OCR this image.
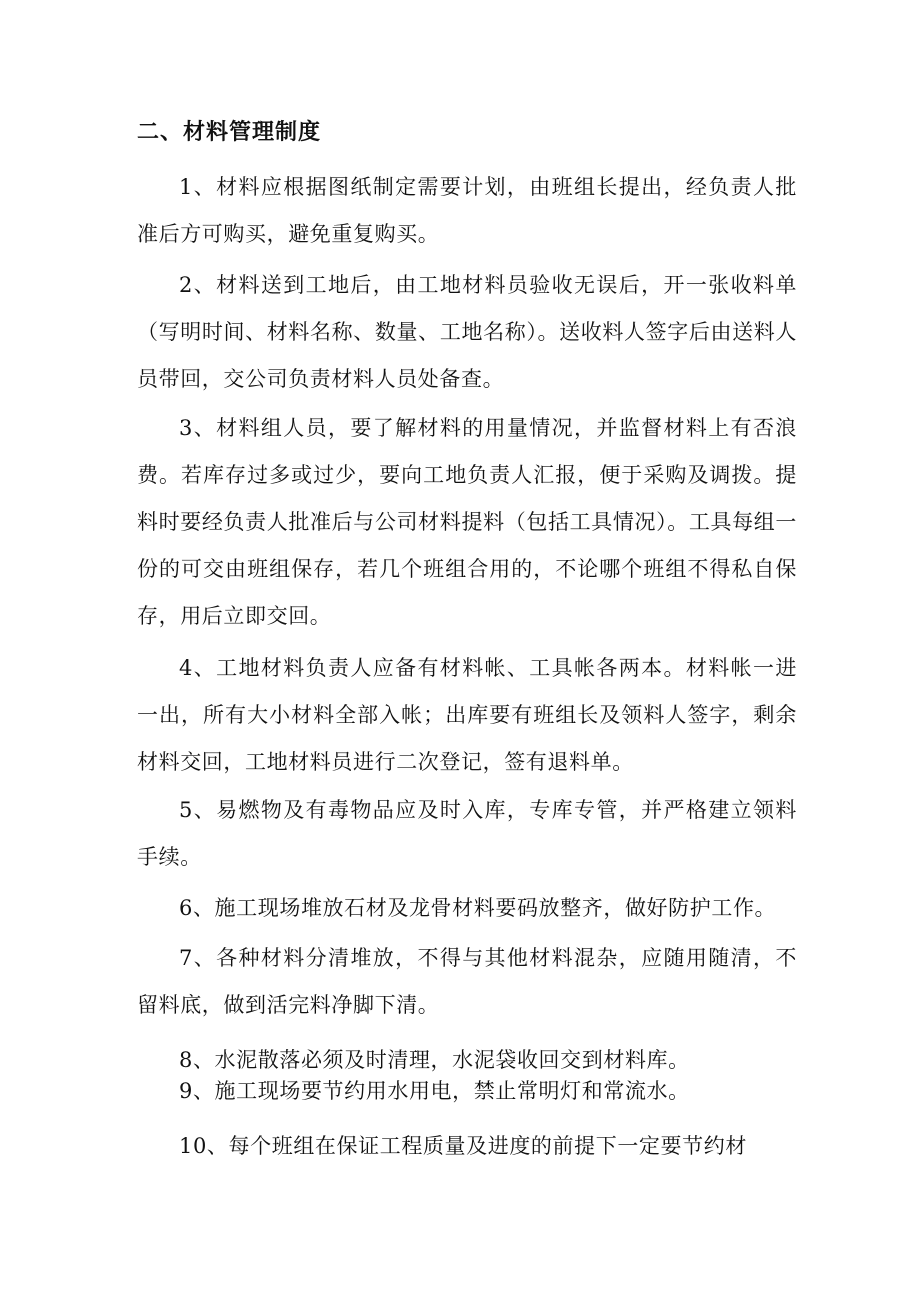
二、材料管理制度

1、材料应根据图纸制定需要计划，由班组长提出，经负责人批准后方可购买，避免重复购买。

2、材料送到工地后，由工地材料员验收无误后，开一张收料单（写明时间、材料名称、数量、工地名称）。送收料人签字后由送料人员带回，交公司负责材料人员处备查。

3、材料组人员，要了解材料的用量情况，并监督材料上有否浪费。若库存过多或过少，要向工地负责人汇报，便于采购及调拨。提料时要经负责人批准后与公司材料提料（包括工具情况）。工具每组一份的可交由班组保存，若几个班组合用的，不论哪个班组不得私自保存，用后立即交回。

4、工地材料负责人应备有材料帐、工具帐各两本。材料帐一进一出，所有大小材料全部入帐；出库要有班组长及领料人签字，剩余材料交回，工地材料员进行二次登记，签有退料单。

5、易燃物及有毒物品应及时入库，专库专管，并严格建立领料手续。

6、施工现场堆放石材及龙骨材料要码放整齐，做好防护工作。

7、各种材料分清堆放，不得与其他材料混杂，应随用随清，不留料底，做到活完料净脚下清。

8、水泥散落必须及时清理，水泥袋收回交到材料库。

9、施工现场要节约用水用电，禁止常明灯和常流水。

10、每个班组在保证工程质量及进度的前提下一定要节约材
